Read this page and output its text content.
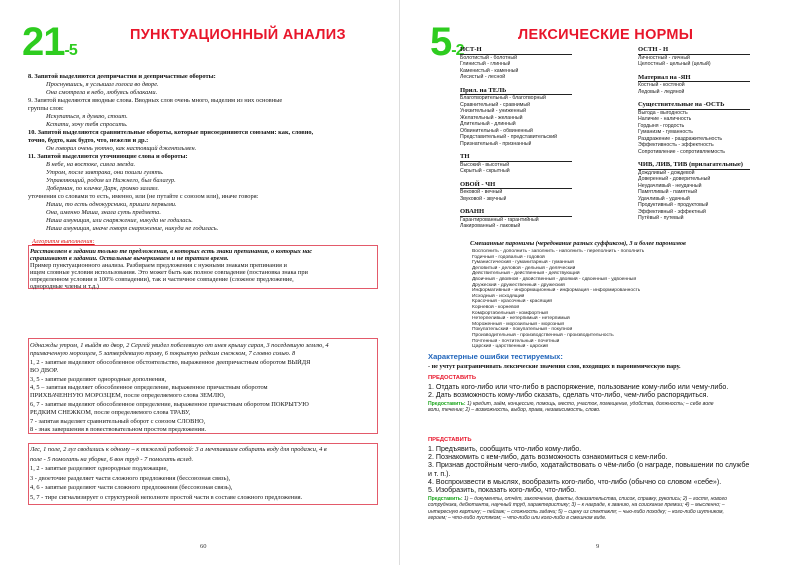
21-5
ПУНКТУАЦИОННЫЙ АНАЛИЗ
8. Запятой выделяются деепричастия и деепричастные обороты:
Проснувшись, я услышал голоса во дворе.
Она смотрела в небо, любуясь облаками.
9. Запятой выделяются вводные слова. Вводных слов очень много, выделим из них основные
группы слов:
Искупаться, я думаю, стоит.
Кстати, хочу тебя спросить.
10. Запятой выделяются сравнительные обороты, которые присоединяются союзами: как, словно,
точно, будто, как будто, что, нежели и др.:
Он говорил очень уютно, как настоящий джентльмен.
11. Запятой выделяются уточняющие слова и обороты:
В небе, на востоке, сияла звезда.
Утром, после завтрака, они пошли гулять.
Управляющий, родом из Нижнего, был балагур.
Доберман, по кличке Дарк, громко залаял.
уточнения со словами то есть, именно, или (не путайте с союзом или), иначе говоря:
Наши, то есть однокурсники, пришли первыми.
Она, именно Маша, знала суть предмета.
Наша амуниция, или снаряжение, никуда не годилась.
Наша амуниция, иначе говоря снаряжение, никуда не годилась.
Алгоритм выполнения:
Расставляем в задании только те предложения, в которых есть знаки препинания, о которых нас
спрашивают в задании. Остальные вычеркиваем и не тратим время.
Пример пунктуационного анализа. Разбираем предложения с нужными знаками препинания и
ищем словные условия использования. Это может быть как полное совпадение (постановка знака при
определенном условии в 100% совпадении), так и частичное совпадение (сложное предложение,
однородные члены и т.д.)
Однажды утром, 1 выйдя во двор, 2 Сергей увидел побелевшую от инея крышу сарая, 3 поседевшую землю, 4
прихваченную морозцем, 5 затвердевшую траву, 6 покрытую редким снежком, 7 словно солью. 8
1, 2 - запятые выделяют обособленное обстоятельство, выраженное деепричастным оборотом ВЫЙДЯ
ВО ДВОР.
3, 5 - запятые разделяют однородные дополнения,
4, 5 – запятая выделяет обособленное определение, выраженное причастным оборотом
ПРИХВАЧЕННУЮ МОРОЗЦЕМ, после определяемого слова ЗЕМЛЮ,
6, 7 - запятые выделяют обособленное определение, выраженное причастным оборотом ПОКРЫТУЮ
РЕДКИМ СНЕЖКОМ, после определяемого слова ТРАВУ,
7 - запятая выделяет сравнительный оборот с союзом СЛОВНО,
8 - знак завершения в повествовательном простом предложении.
Лес, 1 поле, 2 луг сводились к одному – к тяжелой работой: 3 а мечтавшим собирать воду для продажи, 4 в
поле - 5 помогать на уборке, 6 вон труд - 7 помогать вслед.
1, 2 - запятые разделяют однородные подлежащие,
3 - двоеточие разделяет части сложного предложения (бессоюзная связь),
4, 6 - запятые разделяют части сложного предложения (бессоюзная связь),
5, 7 - тире сигнализирует о структурной неполноте простой части в составе сложного предложения.
60
5-2
ЛЕКСИЧЕСКИЕ НОРМЫ
ИСТ-Н
Болотистый - болотный
Глинистый - глинный
Каменистый - каменный
Лесистый - лесной
Прил. на ТЕЛЬ
Благотворительный - благотворный
Сравнительный - сравнимый
Унизительный - униженный
Желательный - желанный
Длительный - длинный
Обвинительный - обвиненный
Представительный - представительский
Признательный - признанный
ТН
Высокий - высотный
Скрытый - скрытный
ОВОЙ - ЧН
Вековой - вечный
Звуковой - звучный
ОВАНН
Гарантированный - гарантийный
Лакированный - лаковый
ОСТН - Н
Личностный - личный
Целостный - цельный (целый)
Материал на -ЯН
Костный - костяной
Ледовый - ледяной
Существительные на -ОСТЬ
Выгода - выгодность
Наличие - наличность
Гордыня - гордость
Гуманизм - гуманность
Раздражение - раздражительность
Эффективность - эффектность
Сопротивление - сопротивляемость
ЧИВ, ЛИВ, ТИВ (прилагательные)
Дождливый - дождевой
Доверенный - доверительный
Неудачливый - неудачный
Памятливый - памятный
Удачливый - удачный
Продуктивный - продуктовый
Эффективный - эффектный
Путёвый - путевый
Смешанные паронимы (чередование разных суффиксов), 3 и более паронимов
Восполнить - дополнить - заполнить - наполнить - переполнить - пополнить
Годичный - годовалый - годовой
Гуманистический - гуманитарный - гуманный
Деловитый - деловой - дельный - деляческий
Действительный - действенный - действующий
Двоичный - двойной - двойственный - двоякий - сдвоенный - удвоенный
Дружеский - дружественный - дружеский
Информативный - информационный - информация - информированность
Исходный - исходящий
Красочный - красочный - красящий
Корневой - корневой
Комфортабельный - комфортный
Нетерпеливый - нетерпимый - нетерпимый
Мороженный - морозильный - морозный
Покупательский - покупательный - покупной
Производительный - производственный - производительность
Почтенный - почтительный - почетный
Царский - царственный - царский
Характерные ошибки тестируемых:
- не учтут разграничивать лексические значения слов, входящих в паронимическую пару.
ПРЕДОСТАВИТЬ
1. Отдать кого-либо или что-либо в распоряжение, пользование кому-либо или чему-либо.
2. Дать возможность кому-либо сказать, сделать что-либо, чем-либо распорядиться.
Предоставить: 1) кредит, заём, концессию, помощь, место, участок, помещение, удобства, должность; – себе воле
воли, течение; 2) – возможность, выбор, права, независимость, слово.
ПРЕДСТАВИТЬ
1. Предъявить, сообщить что-либо кому-либо.
2. Познакомить с кем-либо, дать возможность ознакомиться с кем-либо.
3. Признав достойным чего-либо, ходатайствовать о чём-либо (о награде, повышении по службе
и т. п.).
4. Воспроизвести в мыслях, вообразить кого-либо, что-либо (обычно со словом «себе»).
5. Изобразить, показать кого-либо, что-либо.
Представить: 1) – документы, отчёт, заключение, факты, доказательства, список, справку, рукопись; 2) – гостя, нового
сотрудника, дебютанта, научный труд, характеристику; 3) – к награде, к званию, на соискание премии; 4) – мысленно; –
интересную картину; – пейзаж; – сложность задачи; 5) – сцену из спектакля; – чью-либо походку; – кого-либо шутником,
героем; – что-либо пустяком; – что-либо или кого-либо в смешном виде.
9
